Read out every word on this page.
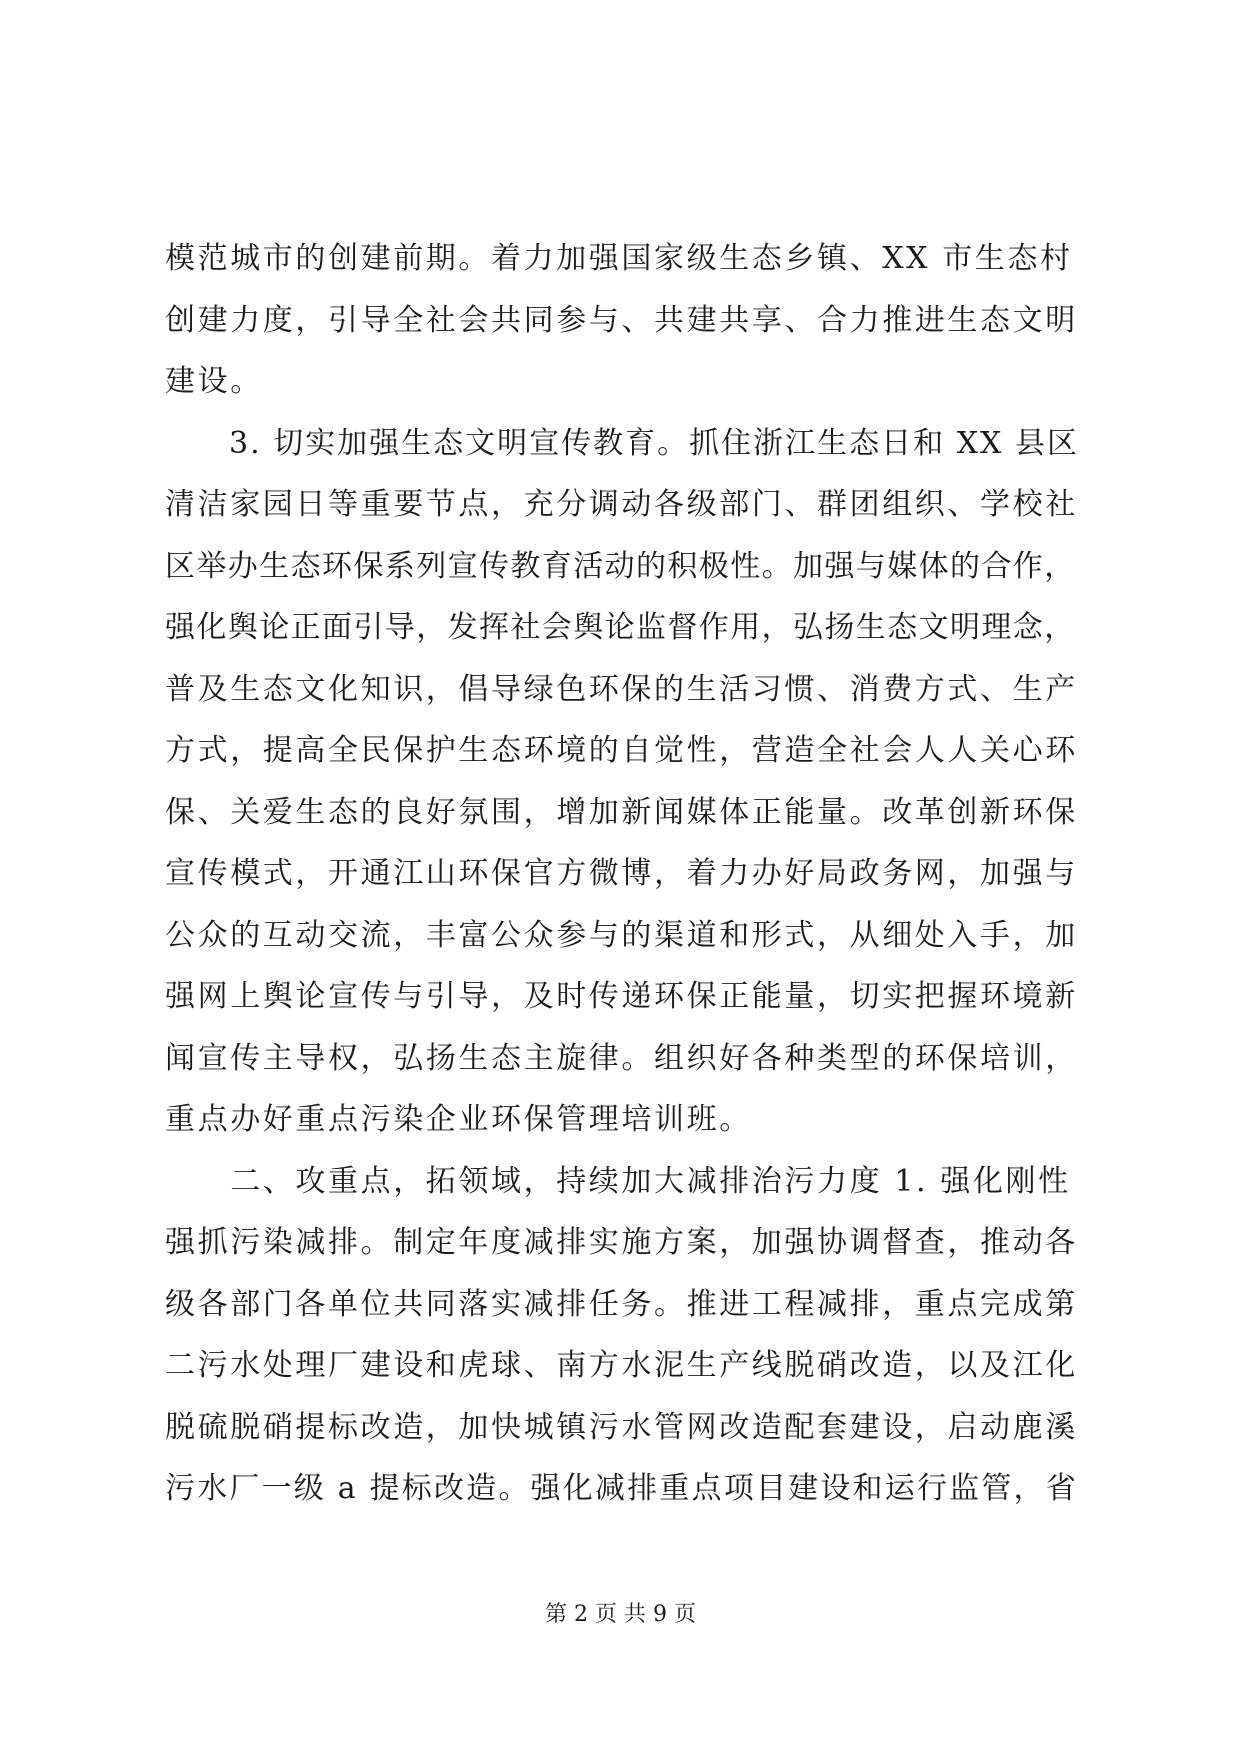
模范城市的创建前期。着力加强国家级生态乡镇、XX 市生态村
创建力度，引导全社会共同参与、共建共享、合力推进生态文明
建设。
　　3. 切实加强生态文明宣传教育。抓住浙江生态日和 XX 县区
清洁家园日等重要节点，充分调动各级部门、群团组织、学校社
区举办生态环保系列宣传教育活动的积极性。加强与媒体的合作，
强化舆论正面引导，发挥社会舆论监督作用，弘扬生态文明理念，
普及生态文化知识，倡导绿色环保的生活习惯、消费方式、生产
方式，提高全民保护生态环境的自觉性，营造全社会人人关心环
保、关爱生态的良好氛围，增加新闻媒体正能量。改革创新环保
宣传模式，开通江山环保官方微博，着力办好局政务网，加强与
公众的互动交流，丰富公众参与的渠道和形式，从细处入手，加
强网上舆论宣传与引导，及时传递环保正能量，切实把握环境新
闻宣传主导权，弘扬生态主旋律。组织好各种类型的环保培训，
重点办好重点污染企业环保管理培训班。
　　二、攻重点，拓领域，持续加大减排治污力度 1. 强化刚性
强抓污染减排。制定年度减排实施方案，加强协调督查，推动各
级各部门各单位共同落实减排任务。推进工程减排，重点完成第
二污水处理厂建设和虎球、南方水泥生产线脱硝改造，以及江化
脱硫脱硝提标改造，加快城镇污水管网改造配套建设，启动鹿溪
污水厂一级 a 提标改造。强化减排重点项目建设和运行监管，省
第 2 页 共 9 页
